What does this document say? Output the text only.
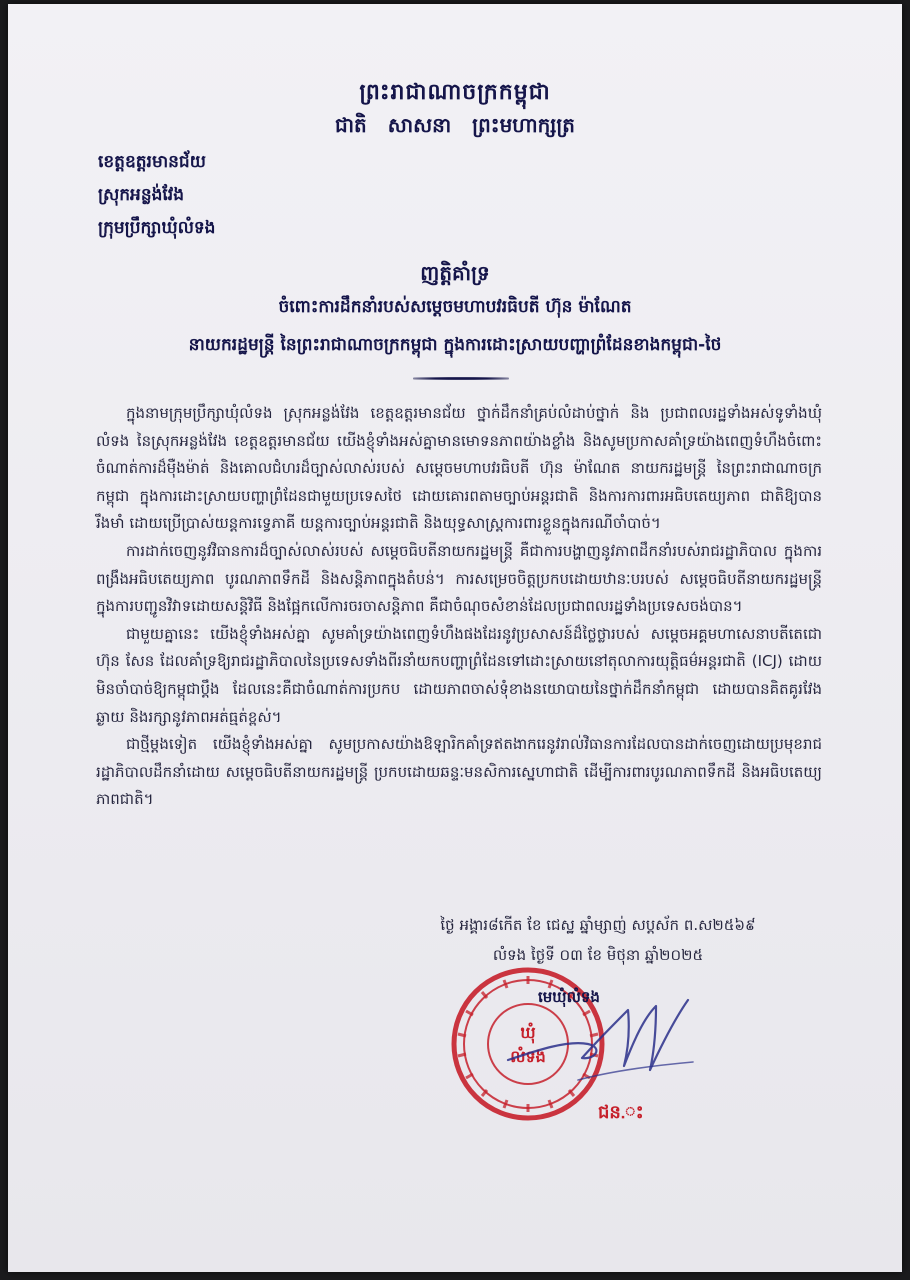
ព្រះរាជាណាចក្រកម្ពុជា
ជាតិ សាសនា ព្រះមហាក្សត្រ
ខេត្តឧត្តរមានជ័យ
ស្រុកអន្លង់វែង
ក្រុមប្រឹក្សាឃុំលំទង
ញត្តិគាំទ្រ
ចំពោះការដឹកនាំរបស់សម្តេចមហាបវរធិបតី ហ៊ុន ម៉ាណែត
នាយករដ្ឋមន្ត្រី នៃព្រះរាជាណាចក្រកម្ពុជា ក្នុងការដោះស្រាយបញ្ហាព្រំដែនខាងកម្ពុជា-ថៃ

ក្នុងនាមក្រុមប្រឹក្សាឃុំលំទង ស្រុកអន្លង់វែង ខេត្តឧត្តរមានជ័យ ថ្នាក់ដឹកនាំគ្រប់លំដាប់ថ្នាក់ និង ប្រជាពលរដ្ឋទាំងអស់ទូទាំងឃុំលំទង នៃស្រុកអន្លង់វែង ខេត្តឧត្តរមានជ័យ យើងខ្ញុំទាំងអស់គ្នាមានមោទនភាពយ៉ាងខ្លាំង និងសូមប្រកាសគាំទ្រយ៉ាងពេញទំហឹងចំពោះចំណាត់ការដ៏ម៉ឺងម៉ាត់ និងគោលជំហរដ៏ច្បាស់លាស់របស់ សម្តេចមហាបវរធិបតី ហ៊ុន ម៉ាណែត នាយករដ្ឋមន្ត្រី នៃព្រះរាជាណាចក្រកម្ពុជា ក្នុងការដោះស្រាយបញ្ហាព្រំដែនជាមួយប្រទេសថៃ ដោយគោរពតាមច្បាប់អន្តរជាតិ និងការការពារអធិបតេយ្យភាព ជាតិឱ្យបានរឹងមាំ ដោយប្រើប្រាស់យន្តការទ្វេភាគី យន្តការច្បាប់អន្តរជាតិ និងយុទ្ធសាស្ត្រការពារខ្លួនក្នុងករណីចាំបាច់។

ការដាក់ចេញនូវវិធានការដ៏ច្បាស់លាស់របស់ សម្តេចធិបតីនាយករដ្ឋមន្ត្រី គឺជាការបង្ហាញនូវភាពដឹកនាំរបស់រាជរដ្ឋាភិបាល ក្នុងការពង្រឹងអធិបតេយ្យភាព បូរណភាពទឹកដី និងសន្តិភាពក្នុងតំបន់។ ការសម្រេចចិត្តប្រកបដោយឋានៈបរបស់ សម្តេចធិបតីនាយករដ្ឋមន្ត្រី ក្នុងការបញ្ជូនវិវាទដោយសន្តិវិធី និងផ្អែកលើការចរចាសន្តិភាព គឺជាចំណុចសំខាន់ដែលប្រជាពលរដ្ឋទាំងប្រទេសចង់បាន។

ជាមួយគ្នានេះ យើងខ្ញុំទាំងអស់គ្នា សូមគាំទ្រយ៉ាងពេញទំហឹងផងដែរនូវប្រសាសន៍ដ៏ថ្លៃថ្លារបស់ សម្តេចអគ្គមហាសេនាបតីតេជោ ហ៊ុន សែន ដែលគាំទ្រឱ្យរាជរដ្ឋាភិបាលនៃប្រទេសទាំងពីរនាំយកបញ្ហាព្រំដែនទៅដោះស្រាយនៅតុលាការយុត្តិធម៌អន្តរជាតិ (ICJ) ដោយមិនចាំបាច់ឱ្យកម្ពុជាប្តឹង ដែលនេះគឺជាចំណាត់ការប្រកប ដោយភាពចាស់ទុំខាងនយោបាយនៃថ្នាក់ដឹកនាំកម្ពុជា ដោយបានគិតគូរវែងឆ្ងាយ និងរក្សានូវភាពអត់ធ្មត់ខ្ពស់។

ជាថ្មីម្តងទៀត យើងខ្ញុំទាំងអស់គ្នា សូមប្រកាសយ៉ាងឱឡារិកគាំទ្រឥតងាករេនូវរាល់វិធានការដែលបានដាក់ចេញដោយប្រមុខរាជរដ្ឋាភិបាលដឹកនាំដោយ សម្តេចធិបតីនាយករដ្ឋមន្ត្រី ប្រកបដោយឆន្ទៈមនសិការស្នេហាជាតិ ដើម្បីការពារបូរណភាពទឹកដី និងអធិបតេយ្យភាពជាតិ។

ថ្ងៃ អង្គារ៨កើត ខែ ជេស្ឋ ឆ្នាំម្សាញ់ សប្តស័ក ព.ស២៥៦៩
លំទង ថ្ងៃទី ០៣ ខែ មិថុនា ឆ្នាំ២០២៥
ឃុំ
លំទង
មេឃុំលំទង
ជន.ះ
